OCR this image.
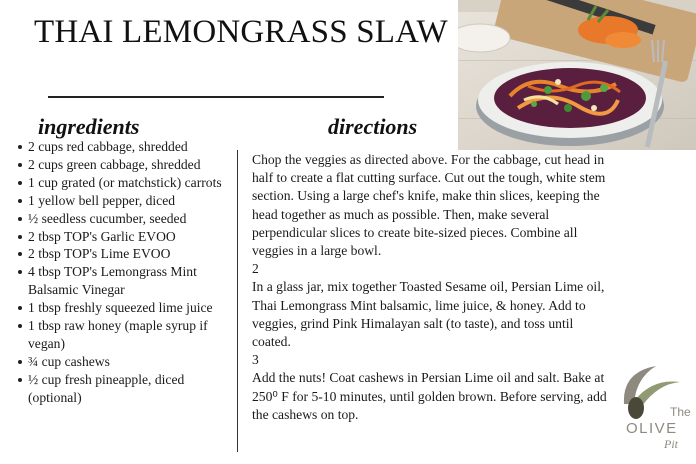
THAI LEMONGRASS SLAW
ingredients	directions
2 cups red cabbage, shredded
2 cups green cabbage, shredded
1 cup grated (or matchstick) carrots
1 yellow bell pepper, diced
½ seedless cucumber, seeded
2 tbsp TOP's Garlic EVOO
2 tbsp TOP's Lime EVOO
4 tbsp TOP's Lemongrass Mint Balsamic Vinegar
1 tbsp freshly squeezed lime juice
1 tbsp raw honey (maple syrup if vegan)
¾ cup cashews
½ cup fresh pineapple, diced (optional)

Chop the veggies as directed above. For the cabbage, cut head in half to create a flat cutting surface. Cut out the tough, white stem section. Using a large chef's knife, make thin slices, keeping the head together as much as possible. Then, make several perpendicular slices to create bite-sized pieces. Combine all veggies in a large bowl.

2

In a glass jar, mix together Toasted Sesame oil, Persian Lime oil, Thai Lemongrass Mint balsamic, lime juice, & honey. Add to veggies, grind Pink Himalayan salt (to taste), and toss until coated.

3

Add the nuts! Coat cashews in Persian Lime oil and salt. Bake at 250⁰ F for 5-10 minutes, until golden brown. Before serving, add the cashews on top.	The
OLIVE
Pit
